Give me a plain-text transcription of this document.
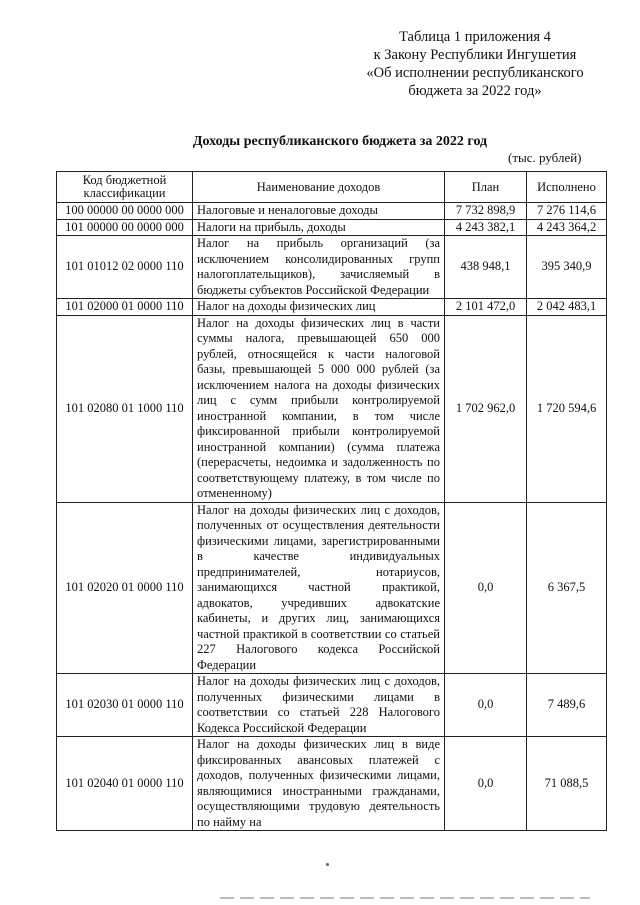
Таблица 1 приложения 4
к Закону Республики Ингушетия
«Об исполнении республиканского
бюджета за 2022 год»
Доходы республиканского бюджета за 2022 год
(тыс. рублей)
Код бюджетной классификации	Наименование доходов	План	Исполнено
100 00000 00 0000 000	Налоговые и неналоговые доходы	7 732 898,9	7 276 114,6
101 00000 00 0000 000	Налоги на прибыль, доходы	4 243 382,1	4 243 364,2
101 01012 02 0000 110	Налог на прибыль организаций (за исключением консолидированных групп налогоплательщиков), зачисляемый в бюджеты субъектов Российской Федерации	438 948,1	395 340,9
101 02000 01 0000 110	Налог на доходы физических лиц	2 101 472,0	2 042 483,1
101 02080 01 1000 110	Налог на доходы физических лиц в части суммы налога, превышающей 650 000 рублей, относящейся к части налоговой базы, превышающей 5 000 000 рублей (за исключением налога на доходы физических лиц с сумм прибыли контролируемой иностранной компании, в том числе фиксированной прибыли контролируемой иностранной компании) (сумма платежа (перерасчеты, недоимка и задолженность по соответствующему платежу, в том числе по отмененному)	1 702 962,0	1 720 594,6
101 02020 01 0000 110	Налог на доходы физических лиц с доходов, полученных от осуществления деятельности физическими лицами, зарегистрированными в качестве индивидуальных предпринимателей, нотариусов, занимающихся частной практикой, адвокатов, учредивших адвокатские кабинеты, и других лиц, занимающихся частной практикой в соответствии со статьей 227 Налогового кодекса Российской Федерации	0,0	6 367,5
101 02030 01 0000 110	Налог на доходы физических лиц с доходов, полученных физическими лицами в соответствии со статьей 228 Налогового Кодекса Российской Федерации	0,0	7 489,6
101 02040 01 0000 110	Налог на доходы физических лиц в виде фиксированных авансовых платежей с доходов, полученных физическими лицами, являющимися иностранными гражданами, осуществляющими трудовую деятельность по найму на	0,0	71 088,5
